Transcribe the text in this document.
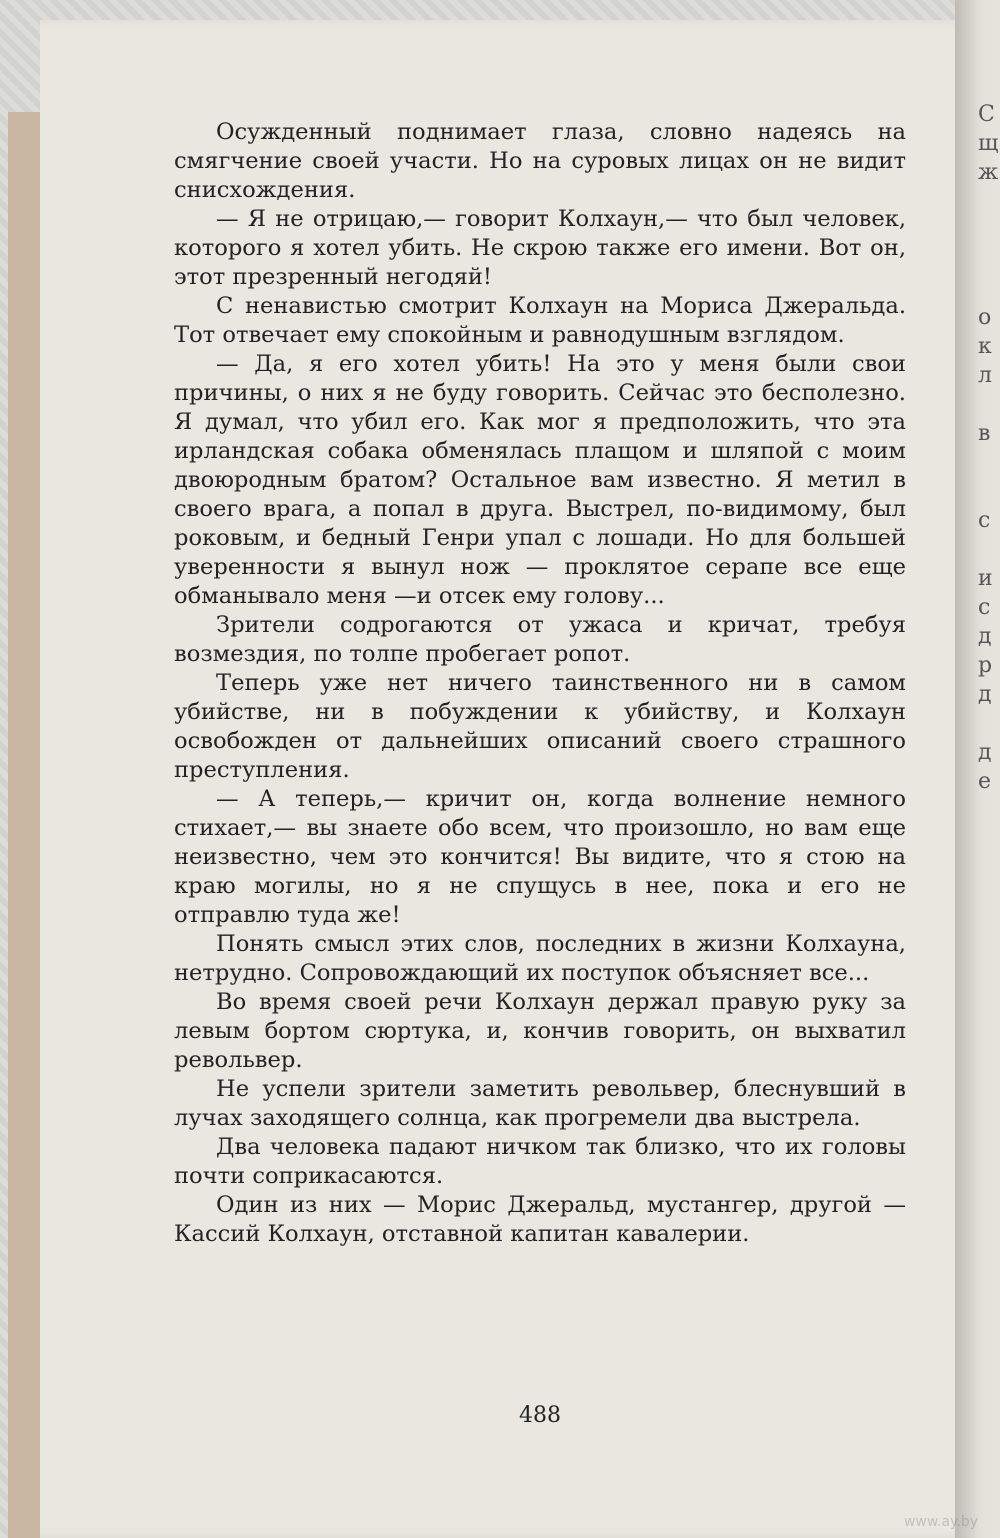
С
щ
ж

о
к
л

в

с

и
с
д
р
д

д
е

Осужденный поднимает глаза, словно надеясь на смягчение своей участи. Но на суровых лицах он не видит снисхождения.

— Я не отрицаю,— говорит Колхаун,— что был человек, которого я хотел убить. Не скрою также его имени. Вот он, этот презренный негодяй!

С ненавистью смотрит Колхаун на Мориса Джеральда. Тот отвечает ему спокойным и равнодушным взглядом.

— Да, я его хотел убить! На это у меня были свои причины, о них я не буду говорить. Сейчас это бесполезно. Я думал, что убил его. Как мог я предположить, что эта ирландская собака обменялась плащом и шляпой с моим двоюродным братом? Остальное вам известно. Я метил в своего врага, а попал в друга. Выстрел, по-видимому, был роковым, и бедный Генри упал с лошади. Но для большей уверенности я вынул нож — проклятое серапе все еще обманывало меня —и отсек ему голову...

Зрители содрогаются от ужаса и кричат, требуя возмездия, по толпе пробегает ропот.

Теперь уже нет ничего таинственного ни в самом убийстве, ни в побуждении к убийству, и Колхаун освобожден от дальнейших описаний своего страшного преступления.

— А теперь,— кричит он, когда волнение немного стихает,— вы знаете обо всем, что произошло, но вам еще неизвестно, чем это кончится! Вы видите, что я стою на краю могилы, но я не спущусь в нее, пока и его не отправлю туда же!

Понять смысл этих слов, последних в жизни Колхауна, нетрудно. Сопровождающий их поступок объясняет все...

Во время своей речи Колхаун держал правую руку за левым бортом сюртука, и, кончив говорить, он выхватил револьвер.

Не успели зрители заметить револьвер, блеснувший в лучах заходящего солнца, как прогремели два выстрела.

Два человека падают ничком так близко, что их головы почти соприкасаются.

Один из них — Морис Джеральд, мустангер, другой — Кассий Колхаун, отставной капитан кавалерии.

488
www.ay.by
